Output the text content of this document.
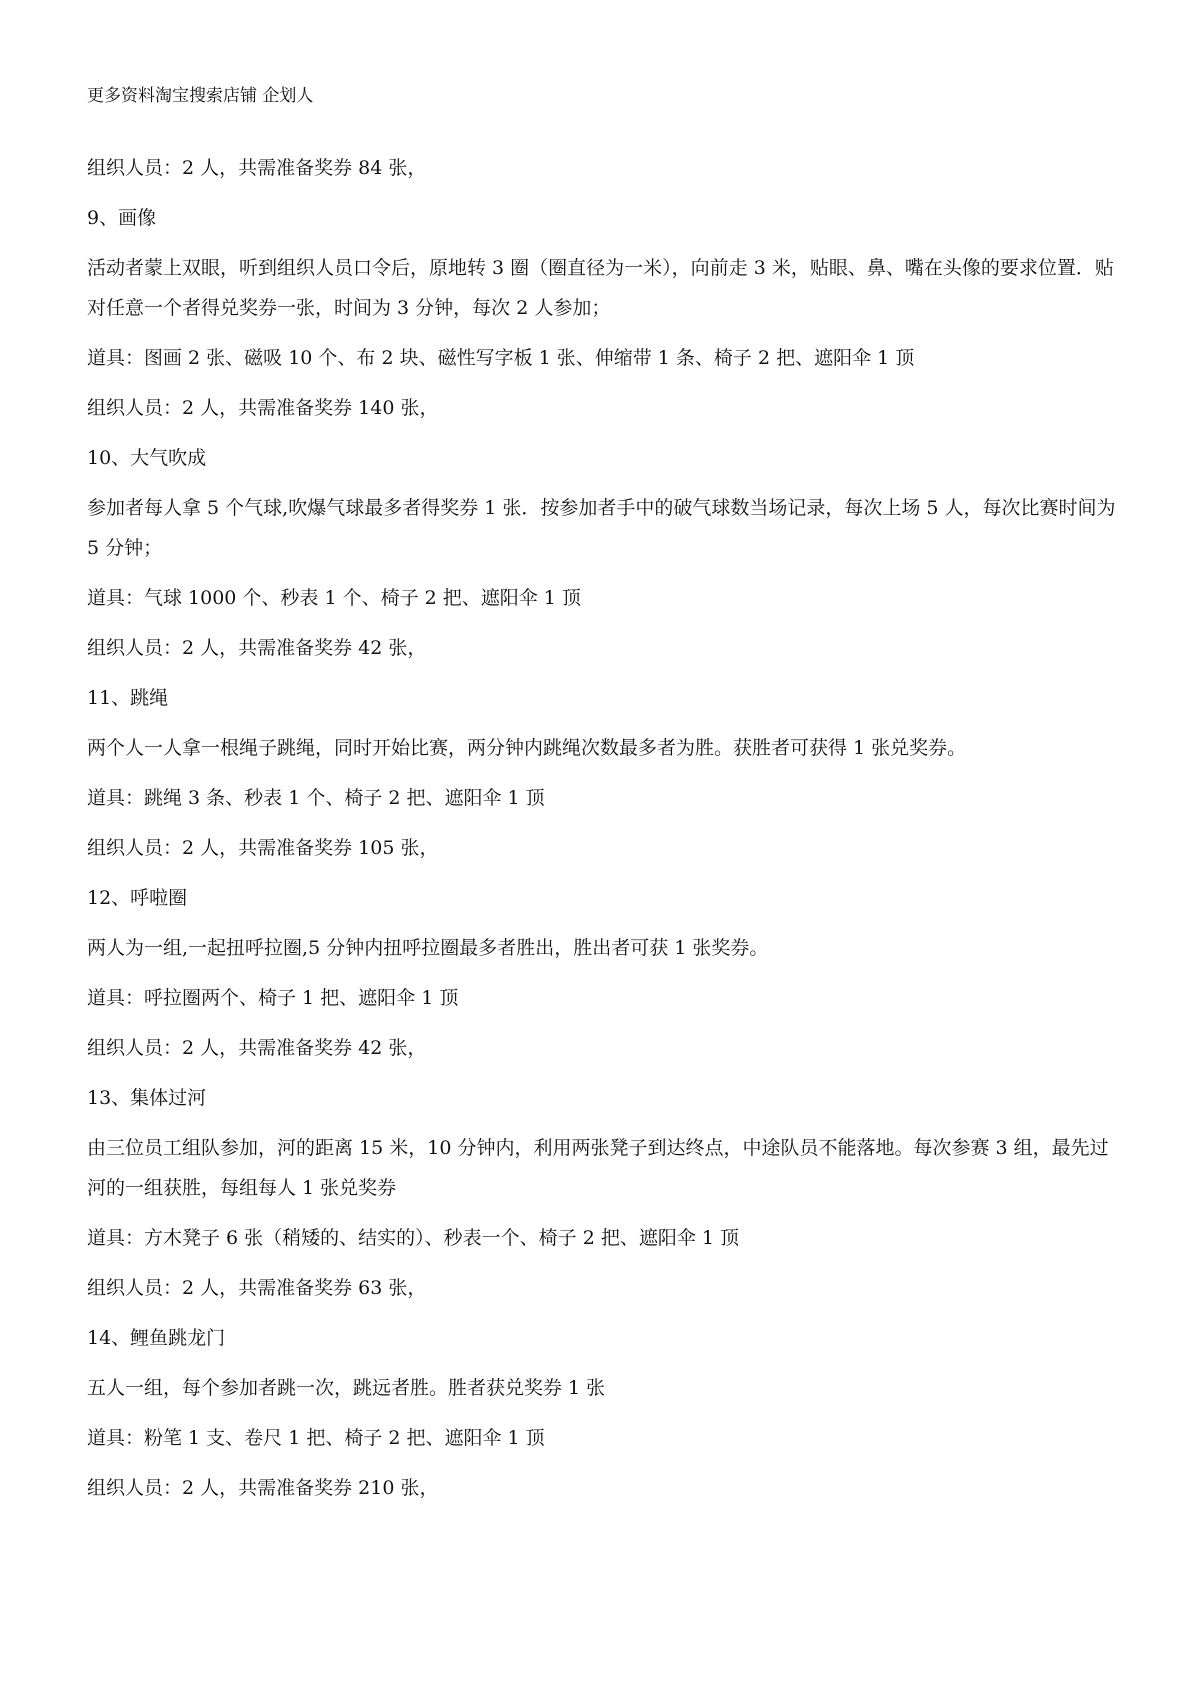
更多资料淘宝搜索店铺 企划人

组织人员：2 人，共需准备奖券 84 张，

9、画像

活动者蒙上双眼，听到组织人员口令后，原地转 3 圈（圈直径为一米），向前走 3 米，贴眼、鼻、嘴在头像的要求位置．贴对任意一个者得兑奖券一张，时间为 3 分钟，每次 2 人参加；

道具：图画 2 张、磁吸 10 个、布 2 块、磁性写字板 1 张、伸缩带 1 条、椅子 2 把、遮阳伞 1 顶

组织人员：2 人，共需准备奖券 140 张，

10、大气吹成

参加者每人拿 5 个气球,吹爆气球最多者得奖券 1 张．按参加者手中的破气球数当场记录，每次上场 5 人，每次比赛时间为 5 分钟；

道具：气球 1000 个、秒表 1 个、椅子 2 把、遮阳伞 1 顶

组织人员：2 人，共需准备奖券 42 张，

11、跳绳

两个人一人拿一根绳子跳绳，同时开始比赛，两分钟内跳绳次数最多者为胜。获胜者可获得 1 张兑奖券。

道具：跳绳 3 条、秒表 1 个、椅子 2 把、遮阳伞 1 顶

组织人员：2 人，共需准备奖券 105 张，

12、呼啦圈

两人为一组,一起扭呼拉圈,5 分钟内扭呼拉圈最多者胜出，胜出者可获 1 张奖券。

道具：呼拉圈两个、椅子 1 把、遮阳伞 1 顶

组织人员：2 人，共需准备奖券 42 张，

13、集体过河

由三位员工组队参加，河的距离 15 米，10 分钟内，利用两张凳子到达终点，中途队员不能落地。每次参赛 3 组，最先过河的一组获胜，每组每人 1 张兑奖券

道具：方木凳子 6 张（稍矮的、结实的）、秒表一个、椅子 2 把、遮阳伞 1 顶

组织人员：2 人，共需准备奖券 63 张，

14、鲤鱼跳龙门

五人一组，每个参加者跳一次，跳远者胜。胜者获兑奖券 1 张

道具：粉笔 1 支、卷尺 1 把、椅子 2 把、遮阳伞 1 顶

组织人员：2 人，共需准备奖券 210 张，
